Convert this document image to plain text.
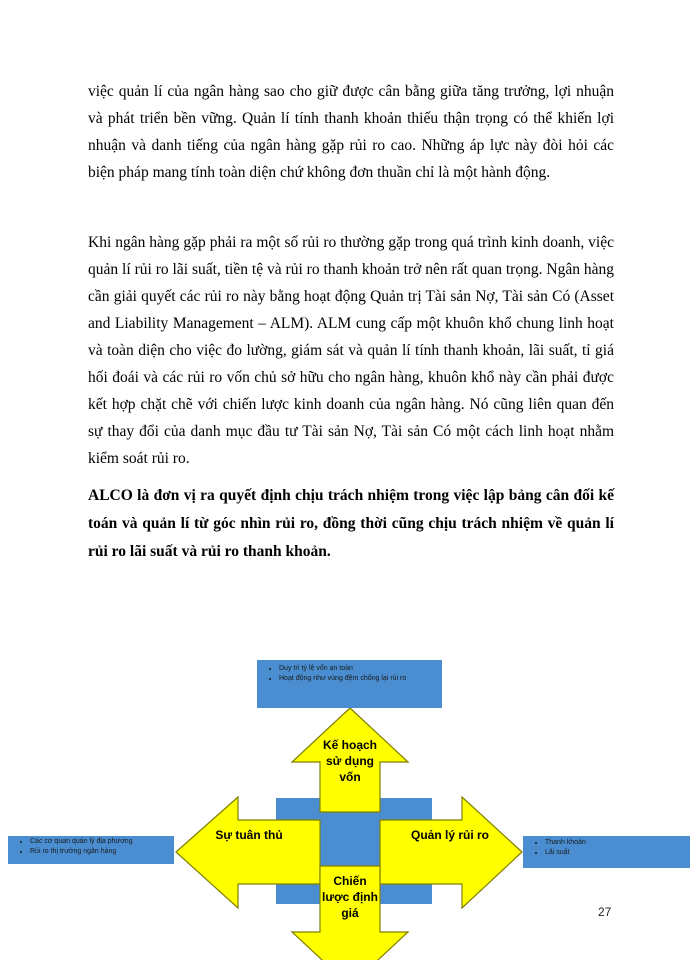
việc quản lí của ngân hàng sao cho giữ được cân bằng giữa tăng trưởng, lợi nhuận và phát triển bền vững. Quản lí tính thanh khoản thiếu thận trọng có thể khiến lợi nhuận và danh tiếng của ngân hàng gặp rủi ro cao. Những áp lực này đòi hỏi các biện pháp mang tính toàn diện chứ không đơn thuần chỉ là một hành động.

Khi ngân hàng gặp phải ra một số rủi ro thường gặp trong quá trình kinh doanh, việc quản lí rủi ro lãi suất, tiền tệ và rủi ro thanh khoản trở nên rất quan trọng. Ngân hàng cần giải quyết các rủi ro này bằng hoạt động Quản trị Tài sản Nợ, Tài sản Có (Asset and Liability Management – ALM). ALM cung cấp một khuôn khổ chung linh hoạt và toàn diện cho việc đo lường, giám sát và quản lí tính thanh khoản, lãi suất, tỉ giá hối đoái và các rủi ro vốn chủ sở hữu cho ngân hàng, khuôn khổ này cần phải được kết hợp chặt chẽ với chiến lược kinh doanh của ngân hàng. Nó cũng liên quan đến sự thay đổi của danh mục đầu tư Tài sản Nợ, Tài sản Có một cách linh hoạt nhằm kiểm soát rủi ro.

ALCO là đơn vị ra quyết định chịu trách nhiệm trong việc lập bảng cân đối kế toán và quản lí từ góc nhìn rủi ro, đồng thời cũng chịu trách nhiệm về quản lí rủi ro lãi suất và rủi ro thanh khoản.

• Duy trì tỷ lệ vốn an toàn
• Hoạt động như vùng đệm chống lại rủi ro
• Các cơ quan quản lý địa phương
• Rủi ro thị trường ngân hàng
• Thanh khoản
• Lãi suất
Kế hoạch sử dụng vốn
Sự tuân thủ	Quản lý rủi ro
Chiến lược định giá	27
